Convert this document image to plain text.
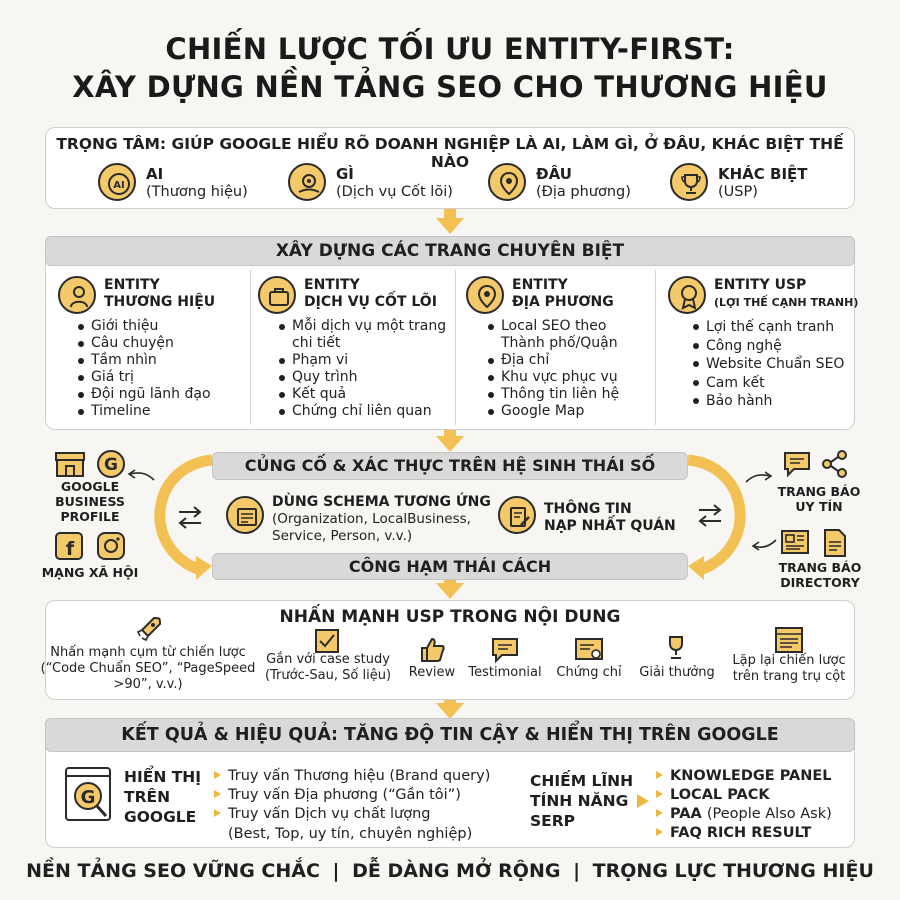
CHIẾN LƯỢC TỐI ƯU ENTITY-FIRST:
XÂY DỰNG NỀN TẢNG SEO CHO THƯƠNG HIỆU
TRỌNG TÂM: GIÚP GOOGLE HIỂU RÕ DOANH NGHIỆP LÀ AI, LÀM GÌ, Ở ĐÂU, KHÁC BIỆT THẾ NÀO
AI
AI
(Thương hiệu)
GÌ
(Dịch vụ Cốt lõi)
ĐÂU
(Địa phương)
KHÁC BIỆT
(USP)
XÂY DỰNG CÁC TRANG CHUYÊN BIỆT
ENTITY
THƯƠNG HIỆU
Giới thiệu
Câu chuyện
Tầm nhìn
Giá trị
Đội ngũ lãnh đạo
Timeline
ENTITY
DỊCH VỤ CỐT LÕI
Mỗi dịch vụ một trang chi tiết
Phạm vi
Quy trình
Kết quả
Chứng chỉ liên quan
ENTITY
ĐỊA PHƯƠNG
Local SEO theo Thành phố/Quận
Địa chỉ
Khu vực phục vụ
Thông tin liên hệ
Google Map
ENTITY USP
(LỢI THẾ CẠNH TRANH)
Lợi thế cạnh tranh
Công nghệ
Website Chuẩn SEO
Cam kết
Bảo hành
CỦNG CỐ & XÁC THỰC TRÊN HỆ SINH THÁI SỐ
DÙNG SCHEMA TƯƠNG ỨNG
(Organization, LocalBusiness, Service, Person, v.v.)
THÔNG TIN
NẠP NHẤT QUÁN
CÔNG HẠM THÁI CÁCH
G
GOOGLE BUSINESS PROFILE
f
MẠNG XÃ HỘI
TRANG BÁO UY TÍN
TRANG BÁO DIRECTORY
NHẤN MẠNH USP TRONG NỘI DUNG
Nhấn mạnh cụm từ chiến lược (“Code Chuẩn SEO”, “PageSpeed >90”, v.v.)
Gắn với case study (Trước-Sau, Số liệu)	Review	Testimonial	Chứng chỉ	Giải thưởng
Lặp lại chiến lược trên trang trụ cột
KẾT QUẢ & HIỆU QUẢ: TĂNG ĐỘ TIN CẬY & HIỂN THỊ TRÊN GOOGLE
G
HIỂN THỊ
TRÊN
GOOGLE
Truy vấn Thương hiệu (Brand query)
Truy vấn Địa phương (“Gần tôi”)
Truy vấn Dịch vụ chất lượng
(Best, Top, uy tín, chuyên nghiệp)
CHIẾM LĨNH
TÍNH NĂNG
SERP
KNOWLEDGE PANEL
LOCAL PACK
PAA (People Also Ask)
FAQ RICH RESULT
NỀN TẢNG SEO VỮNG CHẮC | DỄ DÀNG MỞ RỘNG | TRỌNG LỰC THƯƠNG HIỆU
